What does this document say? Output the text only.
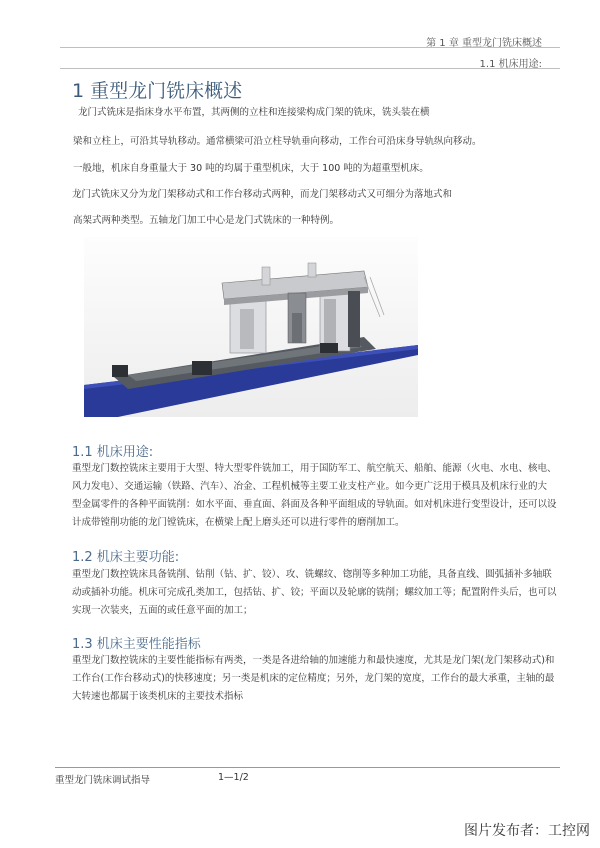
第 1 章 重型龙门铣床概述
1.1 机床用途:
1 重型龙门铣床概述
龙门式铣床是指床身水平布置，其两侧的立柱和连接梁构成门架的铣床，铣头装在横
梁和立柱上，可沿其导轨移动。通常横梁可沿立柱导轨垂向移动，工作台可沿床身导轨纵向移动。
一般地，机床自身重量大于 30 吨的均属于重型机床，大于 100 吨的为超重型机床。
龙门式铣床又分为龙门架移动式和工作台移动式两种，而龙门架移动式又可细分为落地式和
高架式两种类型。五轴龙门加工中心是龙门式铣床的一种特例。
1.1 机床用途:
重型龙门数控铣床主要用于大型、特大型零件铣加工，用于国防军工、航空航天、船舶、能源（火电、水电、核电、
风力发电）、交通运输（铁路、汽车）、冶金、工程机械等主要工业支柱产业。如今更广泛用于模具及机床行业的大
型金属零件的各种平面铣削：如水平面、垂直面、斜面及各种平面组成的导轨面。如对机床进行变型设计，还可以设
计成带镗削功能的龙门镗铣床，在横梁上配上磨头还可以进行零件的磨削加工。
1.2 机床主要功能:
重型龙门数控铣床具备铣削、钻削（钻、扩、铰）、攻、铣螺纹、锪削等多种加工功能，具备直线、圆弧插补多轴联
动或插补功能。机床可完成孔类加工，包括钻、扩、铰；平面以及轮廓的铣削；螺纹加工等；配置附件头后，也可以
实现一次装夹，五面的或任意平面的加工；
1.3 机床主要性能指标
重型龙门数控铣床的主要性能指标有两类，一类是各进给轴的加速能力和最快速度，尤其是龙门架(龙门架移动式)和
工作台(工作台移动式)的快移速度；另一类是机床的定位精度；另外，龙门架的宽度，工作台的最大承重，主轴的最
大转速也都属于该类机床的主要技术指标
重型龙门铣床调试指导	1—1/2
图片发布者：工控网
